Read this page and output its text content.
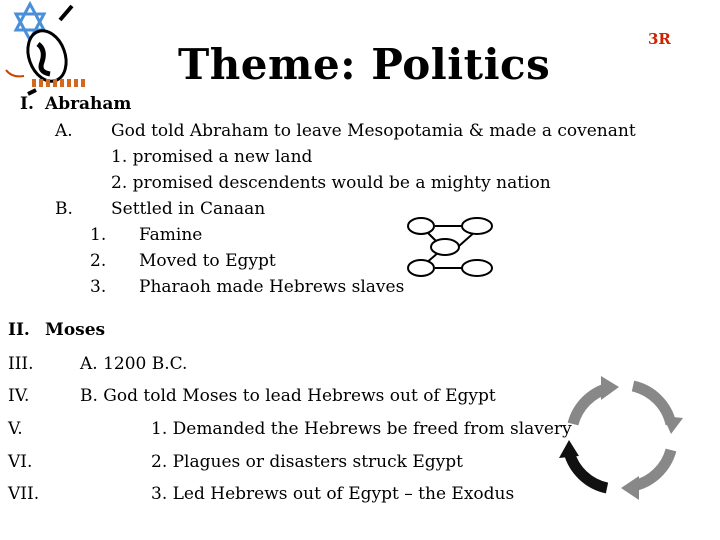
Theme: Politics
3R
I. Abraham
A. God told Abraham to leave Mesopotamia & made a covenant
1. promised a new land
2. promised descendents would be a mighty nation
B. Settled in Canaan
1. Famine
2. Moved to Egypt
3. Pharaoh made Hebrews slaves
II. Moses
III.	A. 1200 B.C.
IV.	B. God told Moses to lead Hebrews out of Egypt
V.	1. Demanded the Hebrews be freed from slavery
VI.	2. Plagues or disasters struck Egypt
VII.	3. Led Hebrews out of Egypt – the Exodus
